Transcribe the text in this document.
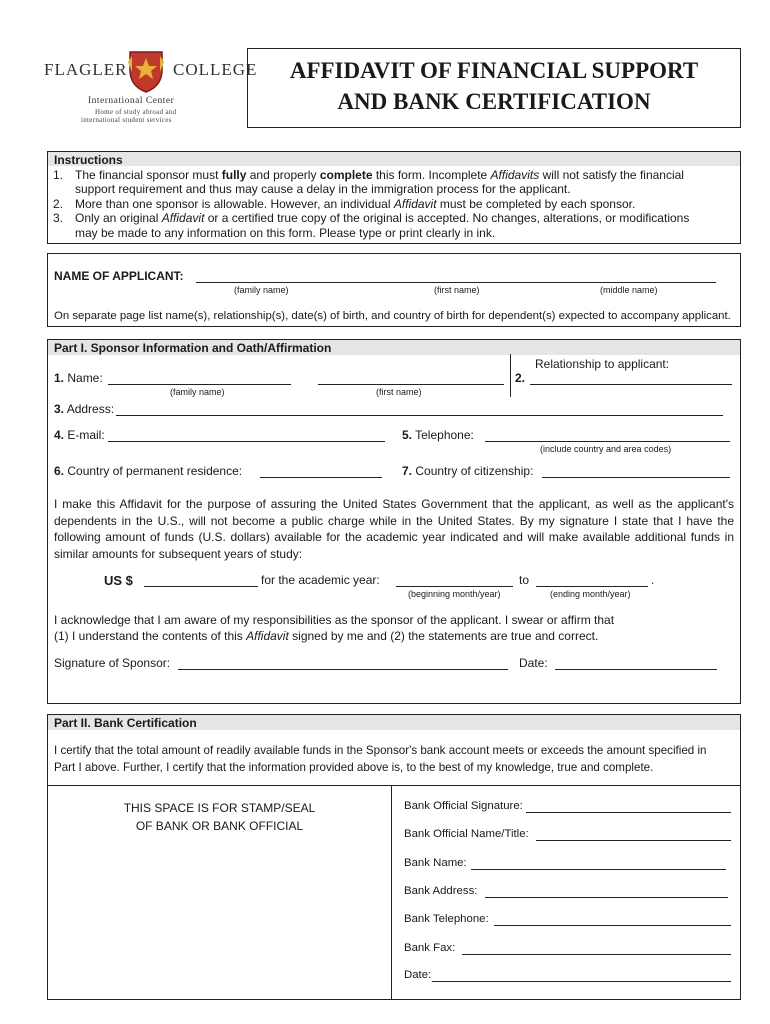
FLAGLER	COLLEGE
International Center
Home of study abroad and
international student services
AFFIDAVIT OF FINANCIAL SUPPORT
AND BANK CERTIFICATION
Instructions
1. The financial sponsor must fully and properly complete this form. Incomplete Affidavits will not satisfy the financial
support requirement and thus may cause a delay in the immigration process for the applicant.
2. More than one sponsor is allowable. However, an individual Affidavit must be completed by each sponsor.
3. Only an original Affidavit or a certified true copy of the original is accepted. No changes, alterations, or modifications
may be made to any information on this form. Please type or print clearly in ink.
NAME OF APPLICANT:
(family name)	(first name)	(middle name)
On separate page list name(s), relationship(s), date(s) of birth, and country of birth for dependent(s) expected to accompany applicant.
Part I. Sponsor Information and Oath/Affirmation
Relationship to applicant:
1. Name:
(family name)	(first name)
2.
3. Address:
4. E-mail:	5. Telephone:
(include country and area codes)
6. Country of permanent residence:	7. Country of citizenship:
I make this Affidavit for the purpose of assuring the United States Government that the applicant, as well as the applicant's dependents in the U.S., will not become a public charge while in the United States. By my signature I state that I have the following amount of funds (U.S. dollars) available for the academic year indicated and will make available additional funds in similar amounts for subsequent years of study:
US $	for the academic year:	to	.
(beginning month/year)	(ending month/year)
I acknowledge that I am aware of my responsibilities as the sponsor of the applicant. I swear or affirm that
(1) I understand the contents of this Affidavit signed by me and (2) the statements are true and correct.
Signature of Sponsor:	Date:
Part II. Bank Certification
I certify that the total amount of readily available funds in the Sponsor's bank account meets or exceeds the amount specified in
Part I above. Further, I certify that the information provided above is, to the best of my knowledge, true and complete.
THIS SPACE IS FOR STAMP/SEAL
OF BANK OR BANK OFFICIAL
Bank Official Signature:
Bank Official Name/Title:
Bank Name:
Bank Address:
Bank Telephone:
Bank Fax:
Date:
